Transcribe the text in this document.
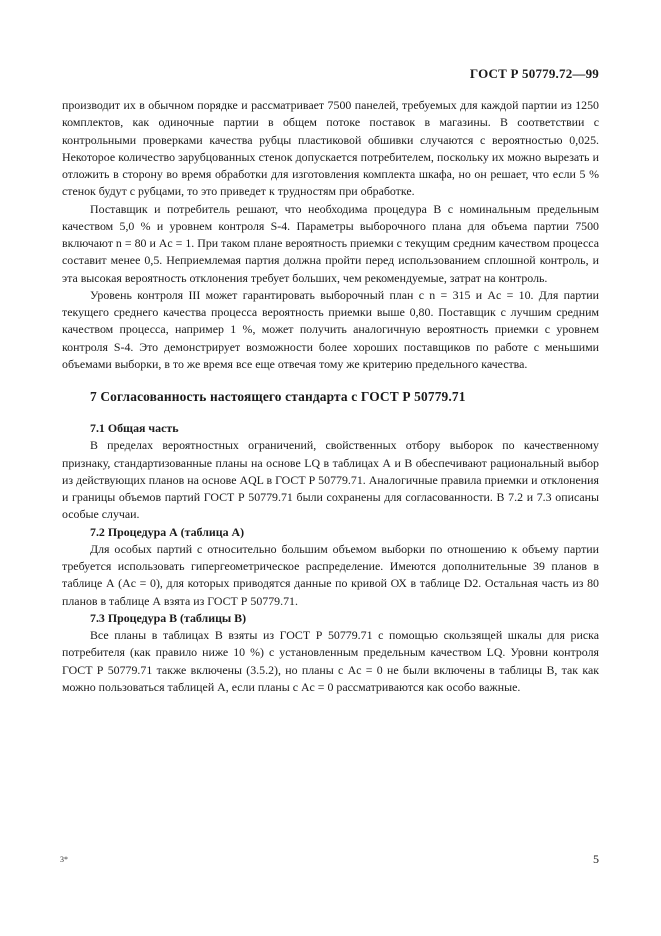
ГОСТ Р 50779.72—99

производит их в обычном порядке и рассматривает 7500 панелей, требуемых для каждой партии из 1250 комплектов, как одиночные партии в общем потоке поставок в магазины. В соответствии с контрольными проверками качества рубцы пластиковой обшивки случаются с вероятностью 0,025. Некоторое количество зарубцованных стенок допускается потребителем, поскольку их можно вырезать и отложить в сторону во время обработки для изготовления комплекта шкафа, но он решает, что если 5 % стенок будут с рубцами, то это приведет к трудностям при обработке.

Поставщик и потребитель решают, что необходима процедура В с номинальным предельным качеством 5,0 % и уровнем контроля S-4. Параметры выборочного плана для объема партии 7500 включают n = 80 и Ac = 1. При таком плане вероятность приемки с текущим средним качеством процесса составит менее 0,5. Неприемлемая партия должна пройти перед использованием сплошной контроль, и эта высокая вероятность отклонения требует больших, чем рекомендуемые, затрат на контроль.

Уровень контроля III может гарантировать выборочный план с n = 315 и Ac = 10. Для партии текущего среднего качества процесса вероятность приемки выше 0,80. Поставщик с лучшим средним качеством процесса, например 1 %, может получить аналогичную вероятность приемки с уровнем контроля S-4. Это демонстрирует возможности более хороших поставщиков по работе с меньшими объемами выборки, в то же время все еще отвечая тому же критерию предельного качества.

7 Согласованность настоящего стандарта с ГОСТ Р 50779.71
7.1 Общая часть

В пределах вероятностных ограничений, свойственных отбору выборок по качественному признаку, стандартизованные планы на основе LQ в таблицах А и В обеспечивают рациональный выбор из действующих планов на основе AQL в ГОСТ Р 50779.71. Аналогичные правила приемки и отклонения и границы объемов партий ГОСТ Р 50779.71 были сохранены для согласованности. В 7.2 и 7.3 описаны особые случаи.

7.2 Процедура А (таблица А)

Для особых партий с относительно большим объемом выборки по отношению к объему партии требуется использовать гипергеометрическое распределение. Имеются дополнительные 39 планов в таблице А (Ac = 0), для которых приводятся данные по кривой ОХ в таблице D2. Остальная часть из 80 планов в таблице А взята из ГОСТ Р 50779.71.

7.3 Процедура В (таблицы В)

Все планы в таблицах В взяты из ГОСТ Р 50779.71 с помощью скользящей шкалы для риска потребителя (как правило ниже 10 %) с установленным предельным качеством LQ. Уровни контроля ГОСТ Р 50779.71 также включены (3.5.2), но планы с Ac = 0 не были включены в таблицы В, так как можно пользоваться таблицей А, если планы с Ac = 0 рассматриваются как особо важные.

3*	5
